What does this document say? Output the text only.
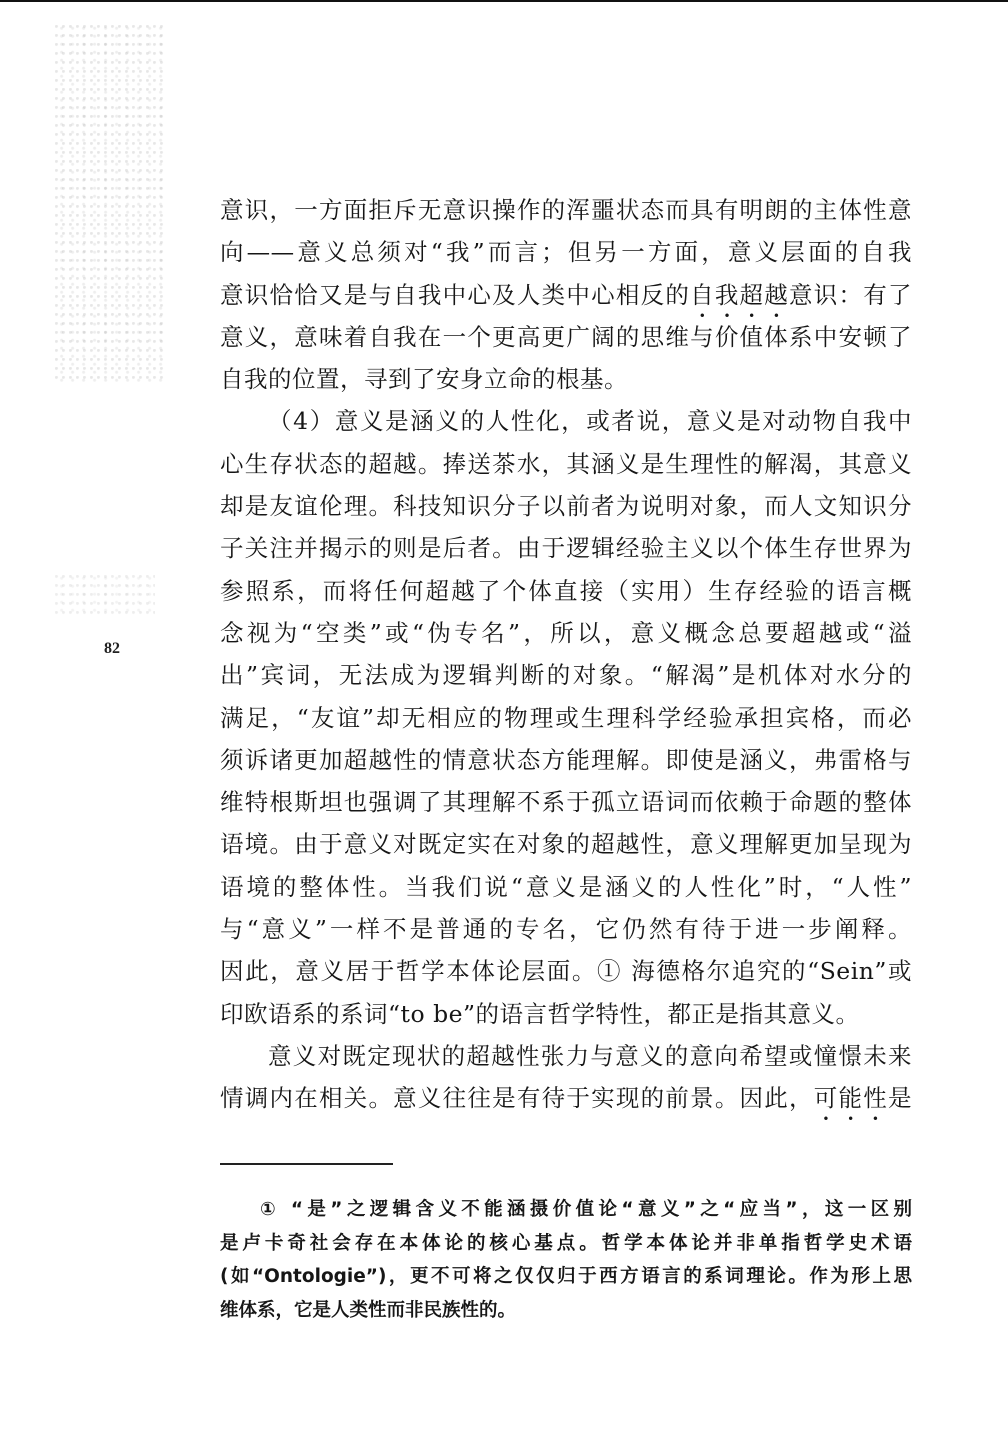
82
意识，一方面拒斥无意识操作的浑噩状态而具有明朗的主体性意
向——意义总须对“我”而言；但另一方面，意义层面的自我
意识恰恰又是与自我中心及人类中心相反的自我超越意识：有了
意义，意味着自我在一个更高更广阔的思维与价值体系中安顿了
自我的位置，寻到了安身立命的根基。
（4）意义是涵义的人性化，或者说，意义是对动物自我中
心生存状态的超越。捧送茶水，其涵义是生理性的解渴，其意义
却是友谊伦理。科技知识分子以前者为说明对象，而人文知识分
子关注并揭示的则是后者。由于逻辑经验主义以个体生存世界为
参照系，而将任何超越了个体直接（实用）生存经验的语言概
念视为“空类”或“伪专名”，所以，意义概念总要超越或“溢
出”宾词，无法成为逻辑判断的对象。“解渴”是机体对水分的
满足，“友谊”却无相应的物理或生理科学经验承担宾格，而必
须诉诸更加超越性的情意状态方能理解。即使是涵义，弗雷格与
维特根斯坦也强调了其理解不系于孤立语词而依赖于命题的整体
语境。由于意义对既定实在对象的超越性，意义理解更加呈现为
语境的整体性。当我们说“意义是涵义的人性化”时，“人性”
与“意义”一样不是普通的专名，它仍然有待于进一步阐释。
因此，意义居于哲学本体论层面。① 海德格尔追究的“Sein”或
印欧语系的系词“to be”的语言哲学特性，都正是指其意义。
意义对既定现状的超越性张力与意义的意向希望或憧憬未来
情调内在相关。意义往往是有待于实现的前景。因此，可能性是
① “是”之逻辑含义不能涵摄价值论“意义”之“应当”，这一区别
是卢卡奇社会存在本体论的核心基点。哲学本体论并非单指哲学史术语
(如“Ontologie”)，更不可将之仅仅归于西方语言的系词理论。作为形上思
维体系，它是人类性而非民族性的。
